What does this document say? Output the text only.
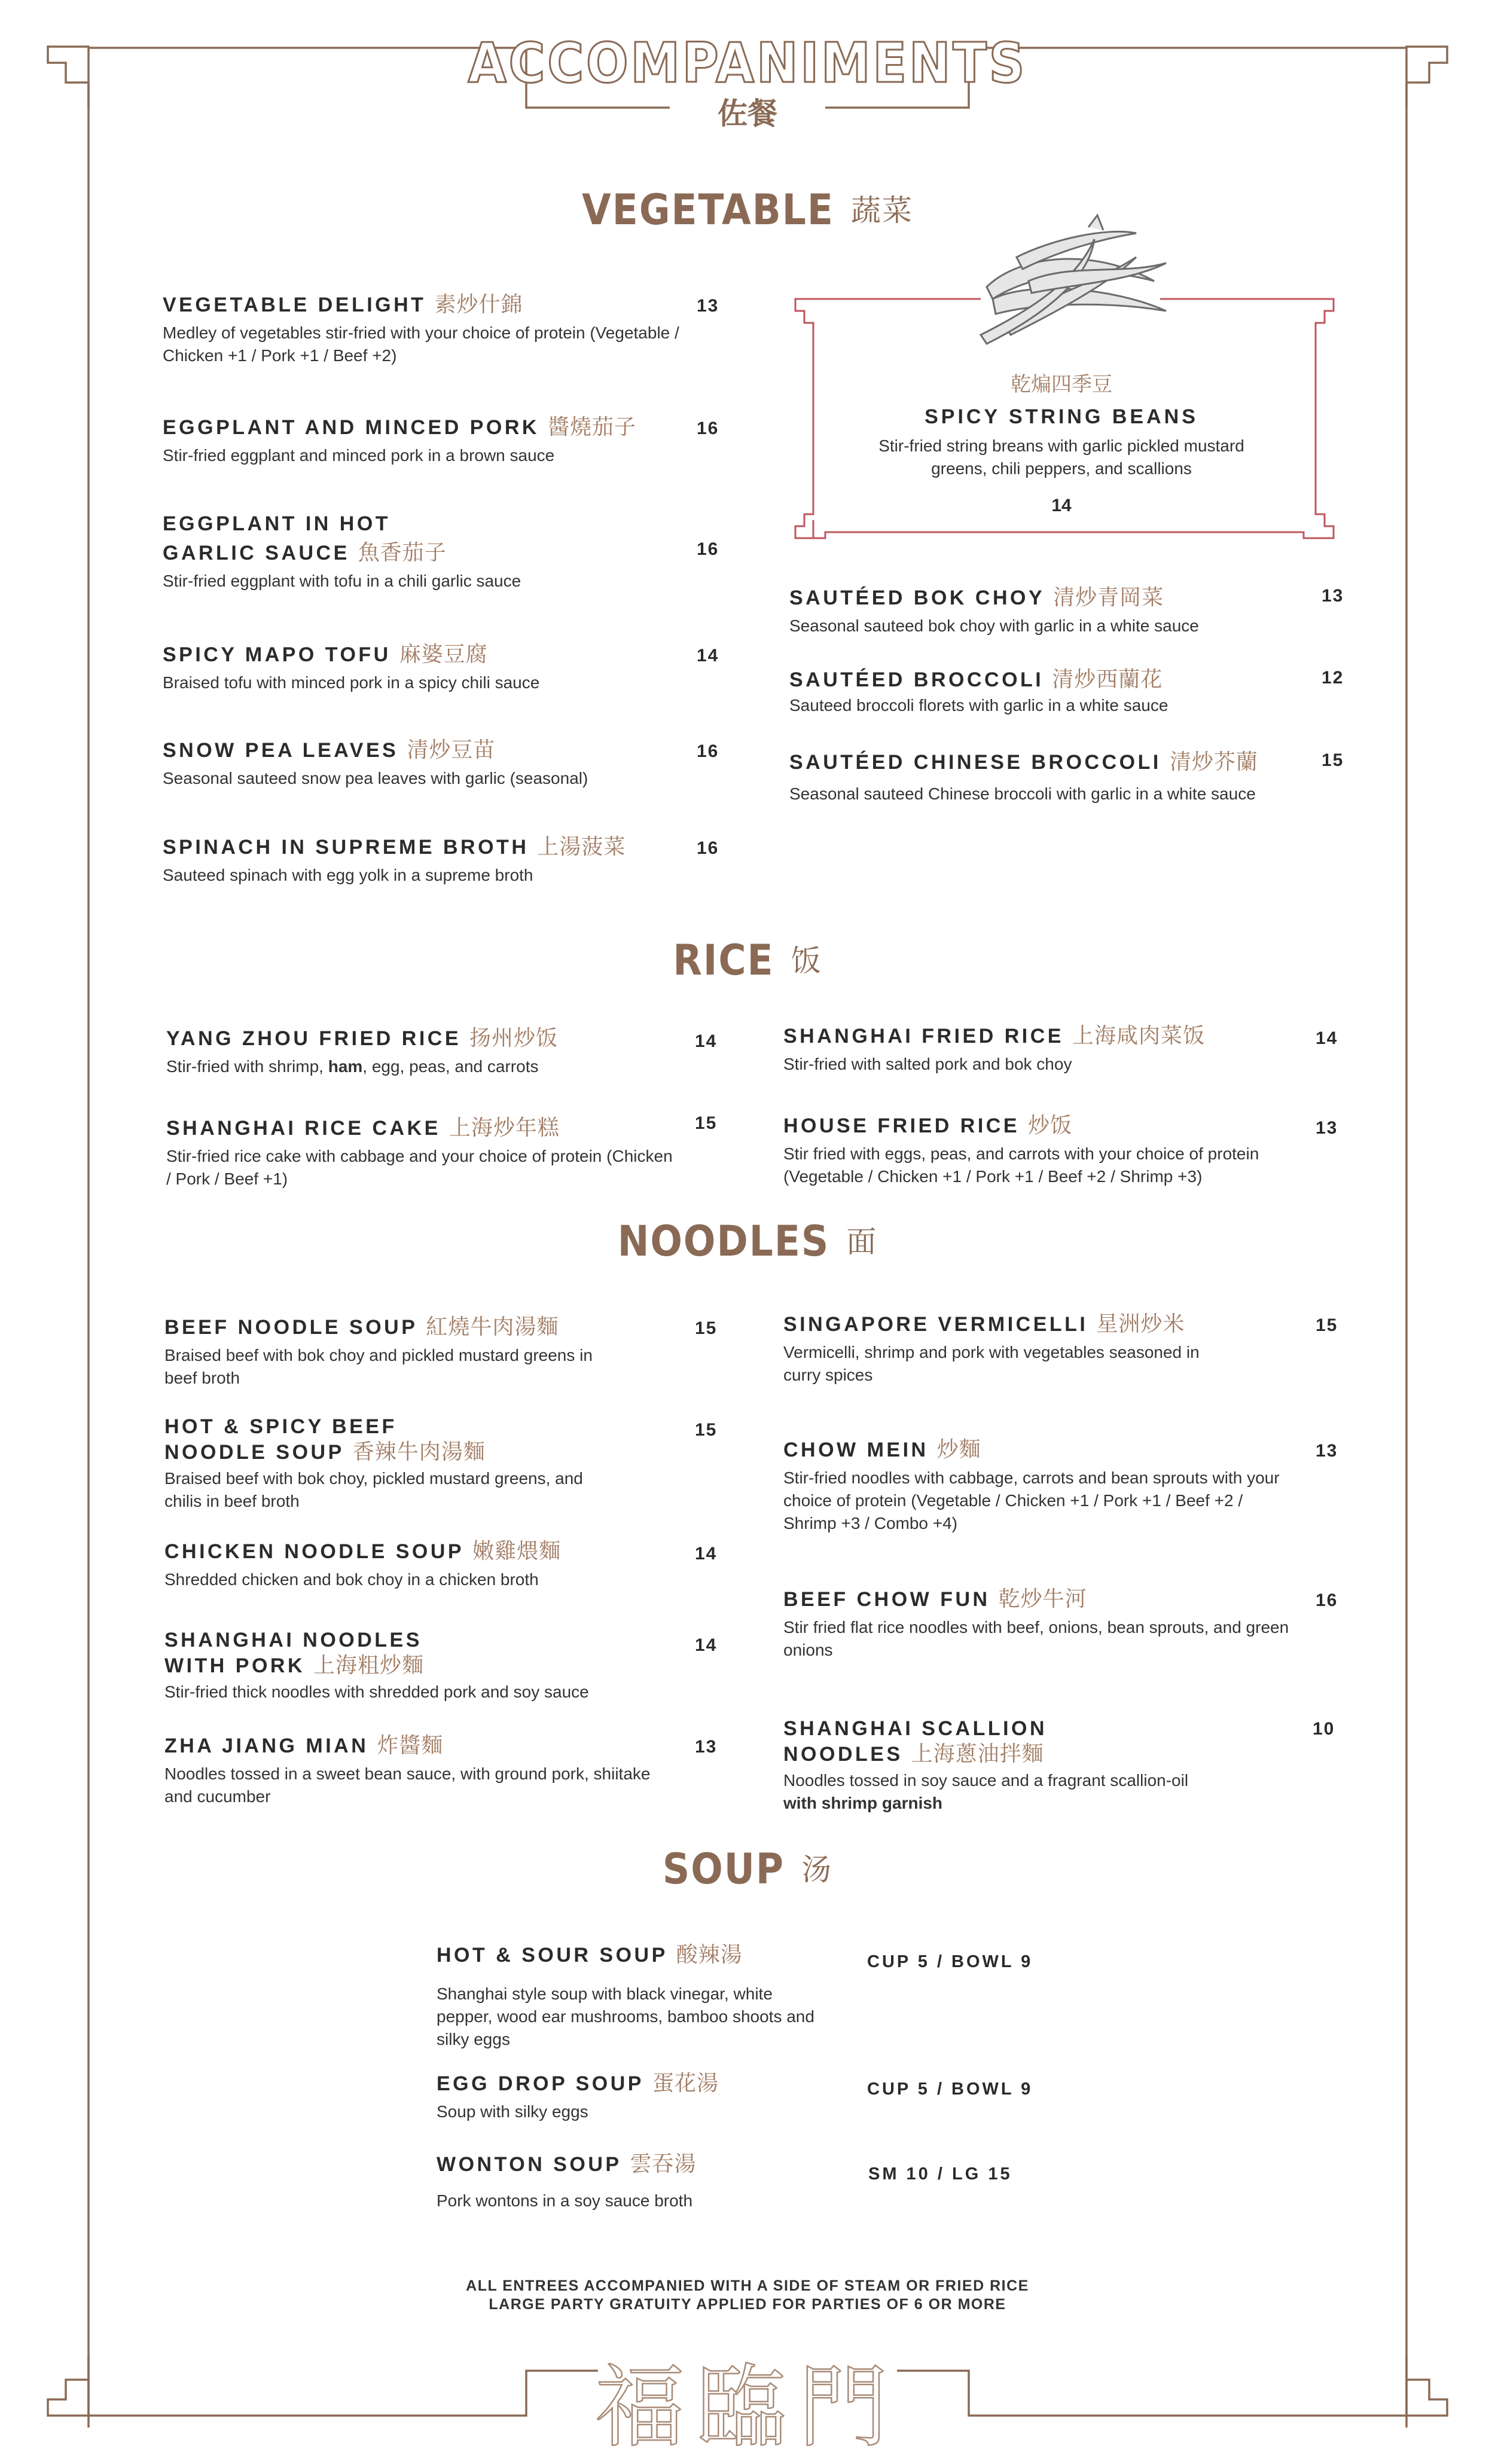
ACCOMPANIMENTS
佐餐
VEGETABLE 蔬菜
VEGETABLE DELIGHT 素炒什錦
Medley of vegetables stir-fried with your choice of protein (Vegetable / Chicken +1 / Pork +1 / Beef +2)
13
EGGPLANT AND MINCED PORK 醬燒茄子
Stir-fried eggplant and minced pork in a brown sauce
16
EGGPLANT IN HOT
GARLIC SAUCE 魚香茄子
Stir-fried eggplant with tofu in a chili garlic sauce
16
SPICY MAPO TOFU 麻婆豆腐
Braised tofu with minced pork in a spicy chili sauce
14
SNOW PEA LEAVES 清炒豆苗
Seasonal sauteed snow pea leaves with garlic (seasonal)
16
SPINACH IN SUPREME BROTH 上湯菠菜
Sauteed spinach with egg yolk in a supreme broth
16
乾煸四季豆
SPICY STRING BEANS
Stir-fried string breans with garlic pickled mustard greens, chili peppers, and scallions
14
SAUTÉED BOK CHOY 清炒青岡菜
Seasonal sauteed bok choy with garlic in a white sauce
13
SAUTÉED BROCCOLI 清炒西蘭花
Sauteed broccoli florets with garlic in a white sauce
12
SAUTÉED CHINESE BROCCOLI 清炒芥蘭
Seasonal sauteed Chinese broccoli with garlic in a white sauce
15
RICE 饭
YANG ZHOU FRIED RICE 扬州炒饭
Stir-fried with shrimp, ham, egg, peas, and carrots
14
SHANGHAI RICE CAKE 上海炒年糕
Stir-fried rice cake with cabbage and your choice of protein (Chicken / Pork / Beef +1)
15
SHANGHAI FRIED RICE 上海咸肉菜饭
Stir-fried with salted pork and bok choy
14
HOUSE FRIED RICE 炒饭
Stir fried with eggs, peas, and carrots with your choice of protein (Vegetable / Chicken +1 / Pork +1 / Beef +2 / Shrimp +3)
13
NOODLES 面
BEEF NOODLE SOUP 紅燒牛肉湯麵
Braised beef with bok choy and pickled mustard greens in beef broth
15
HOT & SPICY BEEF
NOODLE SOUP 香辣牛肉湯麵
Braised beef with bok choy, pickled mustard greens, and chilis in beef broth
15
CHICKEN NOODLE SOUP 嫩雞煨麵
Shredded chicken and bok choy in a chicken broth
14
SHANGHAI NOODLES
WITH PORK 上海粗炒麵
Stir-fried thick noodles with shredded pork and soy sauce
14
ZHA JIANG MIAN 炸醬麵
Noodles tossed in a sweet bean sauce, with ground pork, shiitake and cucumber
13
SINGAPORE VERMICELLI 星洲炒米
Vermicelli, shrimp and pork with vegetables seasoned in curry spices
15
CHOW MEIN 炒麵
Stir-fried noodles with cabbage, carrots and bean sprouts with your choice of protein (Vegetable / Chicken +1 / Pork +1 / Beef +2 / Shrimp +3 / Combo +4)
13
BEEF CHOW FUN 乾炒牛河
Stir fried flat rice noodles with beef, onions, bean sprouts, and green onions
16
SHANGHAI SCALLION
NOODLES 上海蔥油拌麵
Noodles tossed in soy sauce and a fragrant scallion-oil
with shrimp garnish
10
SOUP 汤
HOT & SOUR SOUP 酸辣湯
Shanghai style soup with black vinegar, white pepper, wood ear mushrooms, bamboo shoots and silky eggs
CUP 5 / BOWL 9
EGG DROP SOUP 蛋花湯
Soup with silky eggs
CUP 5 / BOWL 9
WONTON SOUP 雲吞湯
Pork wontons in a soy sauce broth
SM 10 / LG 15
ALL ENTREES ACCOMPANIED WITH A SIDE OF STEAM OR FRIED RICE
LARGE PARTY GRATUITY APPLIED FOR PARTIES OF 6 OR MORE
福臨門
